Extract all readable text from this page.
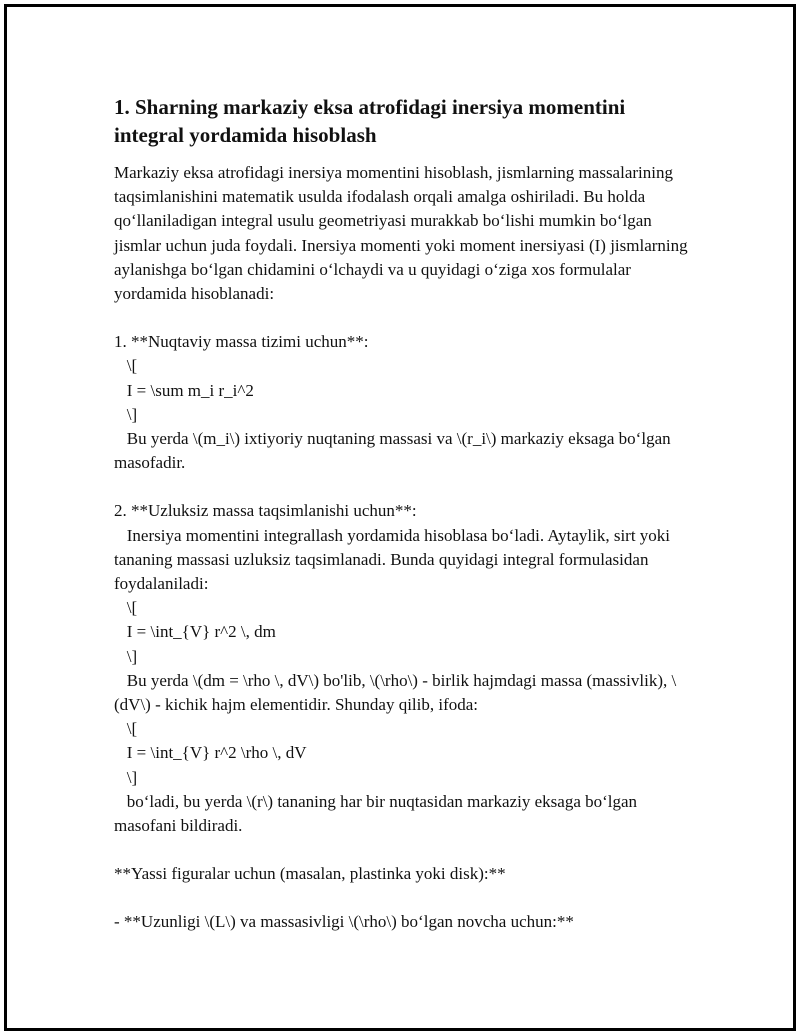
1. Sharning markaziy eksa atrofidagi inersiya momentini integral yordamida hisoblash

Markaziy eksa atrofidagi inersiya momentini hisoblash, jismlarning massalarining taqsimlanishini matematik usulda ifodalash orqali amalga oshiriladi. Bu holda qo‘llaniladigan integral usulu geometriyasi murakkab bo‘lishi mumkin bo‘lgan jismlar uchun juda foydali. Inersiya momenti yoki moment inersiyasi (I) jismlarning aylanishga bo‘lgan chidamini o‘lchaydi va u quyidagi o‘ziga xos formulalar yordamida hisoblanadi:

1. **Nuqtaviy massa tizimi uchun**:

\[

I = \sum m_i r_i^2

\]

Bu yerda \(m_i\) ixtiyoriy nuqtaning massasi va \(r_i\) markaziy eksaga bo‘lgan masofadir.

2. **Uzluksiz massa taqsimlanishi uchun**:

Inersiya momentini integrallash yordamida hisoblasa bo‘ladi. Aytaylik, sirt yoki tananing massasi uzluksiz taqsimlanadi. Bunda quyidagi integral formulasidan foydalaniladi:

\[

I = \int_{V} r^2 \, dm

\]

Bu yerda \(dm = \rho \, dV\) bo'lib, \(\rho\) - birlik hajmdagi massa (massivlik), \(dV\) - kichik hajm elementidir. Shunday qilib, ifoda:

\[

I = \int_{V} r^2 \rho \, dV

\]

bo‘ladi, bu yerda \(r\) tananing har bir nuqtasidan markaziy eksaga bo‘lgan masofani bildiradi.

**Yassi figuralar uchun (masalan, plastinka yoki disk):**

- **Uzunligi \(L\) va massasivligi \(\rho\) bo‘lgan novcha uchun:**
